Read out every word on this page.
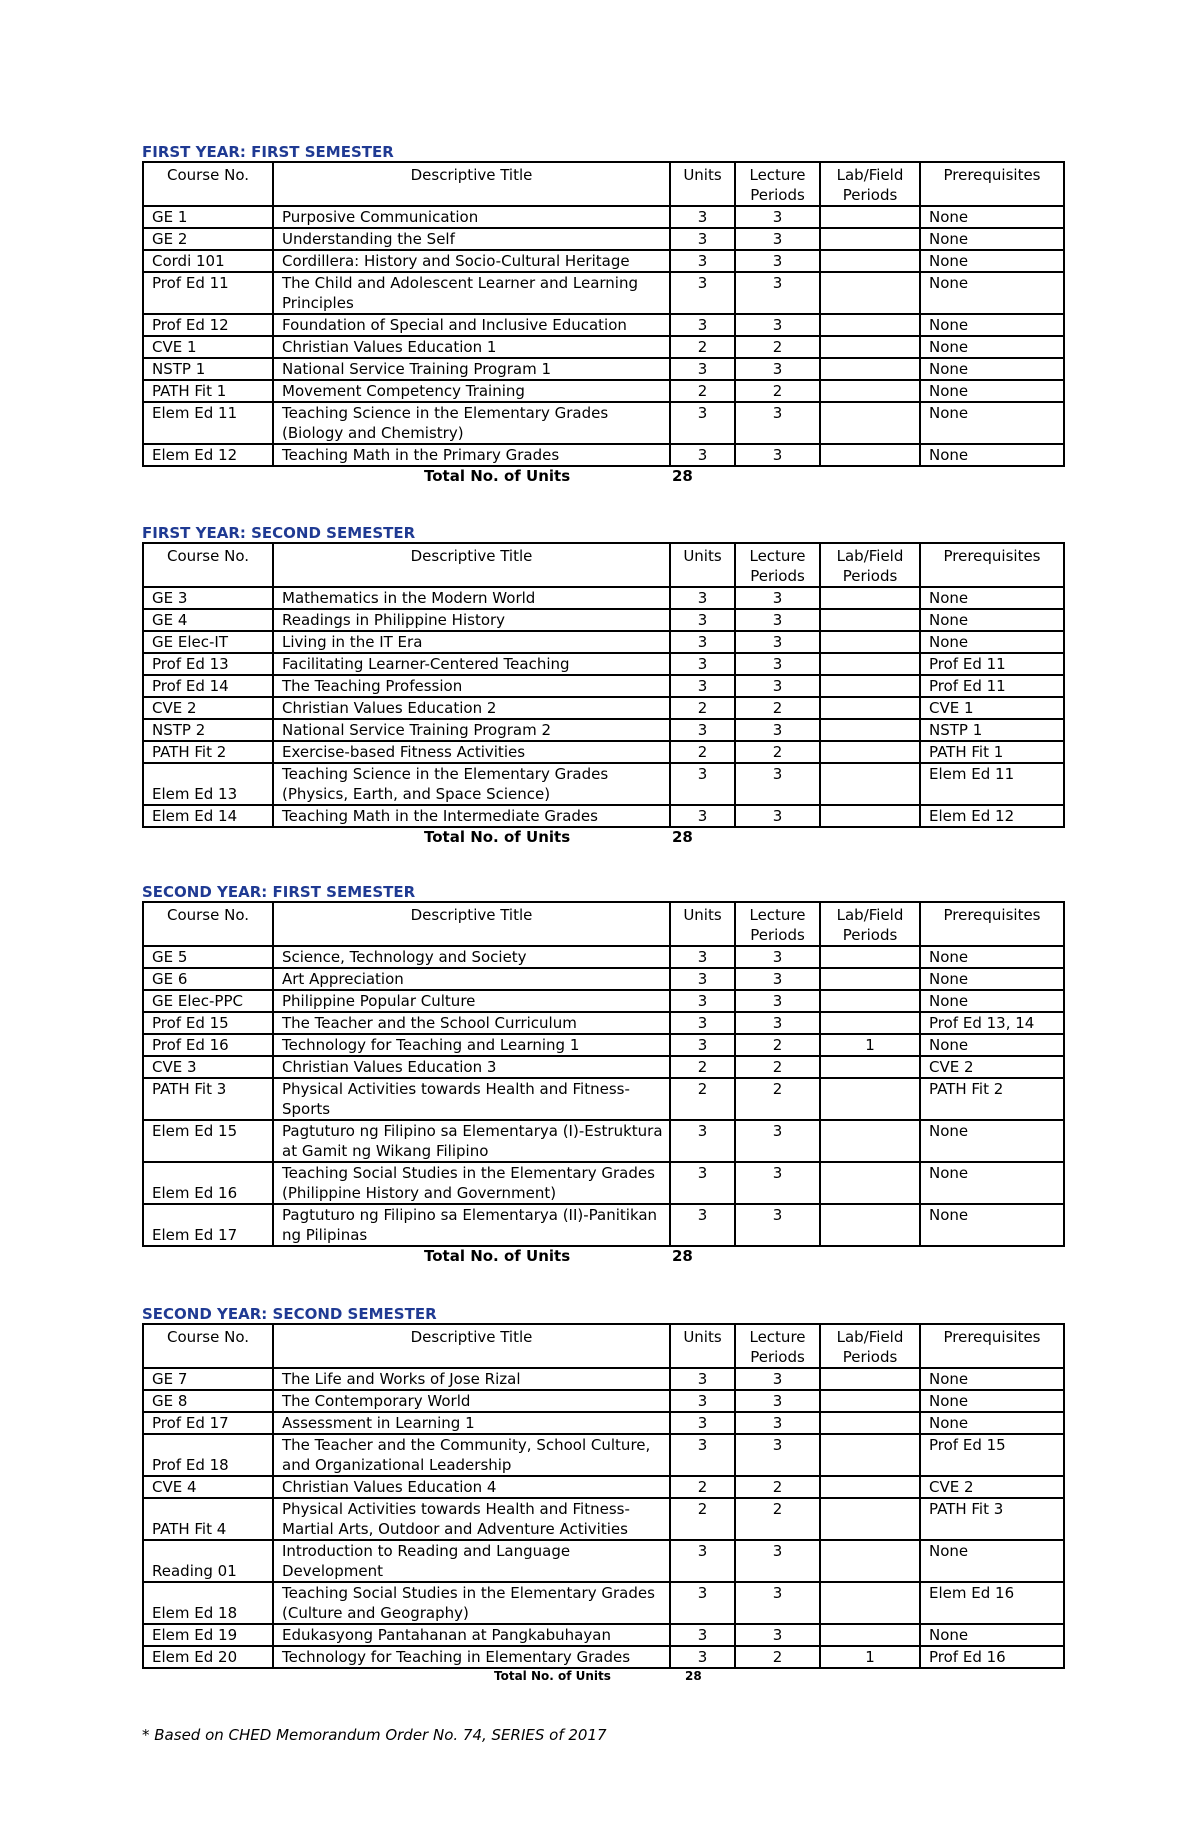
FIRST YEAR: FIRST SEMESTER
Course No.	Descriptive Title	Units	Lecture Periods	Lab/Field Periods	Prerequisites
GE 1	Purposive Communication	3	3		None
GE 2	Understanding the Self	3	3		None
Cordi 101	Cordillera: History and Socio-Cultural Heritage	3	3		None
Prof Ed 11	The Child and Adolescent Learner and Learning Principles	3	3		None
Prof Ed 12	Foundation of Special and Inclusive Education	3	3		None
CVE 1	Christian Values Education 1	2	2		None
NSTP 1	National Service Training Program 1	3	3		None
PATH Fit 1	Movement Competency Training	2	2		None
Elem Ed 11	Teaching Science in the Elementary Grades (Biology and Chemistry)	3	3		None
Elem Ed 12	Teaching Math in the Primary Grades	3	3		None
Total No. of Units	28
FIRST YEAR: SECOND SEMESTER
Course No.	Descriptive Title	Units	Lecture Periods	Lab/Field Periods	Prerequisites
GE 3	Mathematics in the Modern World	3	3		None
GE 4	Readings in Philippine History	3	3		None
GE Elec-IT	Living in the IT Era	3	3		None
Prof Ed 13	Facilitating Learner-Centered Teaching	3	3		Prof Ed 11
Prof Ed 14	The Teaching Profession	3	3		Prof Ed 11
CVE 2	Christian Values Education 2	2	2		CVE 1
NSTP 2	National Service Training Program 2	3	3		NSTP 1
PATH Fit 2	Exercise-based Fitness Activities	2	2		PATH Fit 1
Elem Ed 13	Teaching Science in the Elementary Grades (Physics, Earth, and Space Science)	3	3		Elem Ed 11
Elem Ed 14	Teaching Math in the Intermediate Grades	3	3		Elem Ed 12
Total No. of Units	28
SECOND YEAR: FIRST SEMESTER
Course No.	Descriptive Title	Units	Lecture Periods	Lab/Field Periods	Prerequisites
GE 5	Science, Technology and Society	3	3		None
GE 6	Art Appreciation	3	3		None
GE Elec-PPC	Philippine Popular Culture	3	3		None
Prof Ed 15	The Teacher and the School Curriculum	3	3		Prof Ed 13, 14
Prof Ed 16	Technology for Teaching and Learning 1	3	2	1	None
CVE 3	Christian Values Education 3	2	2		CVE 2
PATH Fit 3	Physical Activities towards Health and Fitness-Sports	2	2		PATH Fit 2
Elem Ed 15	Pagtuturo ng Filipino sa Elementarya (I)-Estruktura at Gamit ng Wikang Filipino	3	3		None
Elem Ed 16	Teaching Social Studies in the Elementary Grades (Philippine History and Government)	3	3		None
Elem Ed 17	Pagtuturo ng Filipino sa Elementarya (II)-Panitikan ng Pilipinas	3	3		None
Total No. of Units	28
SECOND YEAR: SECOND SEMESTER
Course No.	Descriptive Title	Units	Lecture Periods	Lab/Field Periods	Prerequisites
GE 7	The Life and Works of Jose Rizal	3	3		None
GE 8	The Contemporary World	3	3		None
Prof Ed 17	Assessment in Learning 1	3	3		None
Prof Ed 18	The Teacher and the Community, School Culture, and Organizational Leadership	3	3		Prof Ed 15
CVE 4	Christian Values Education 4	2	2		CVE 2
PATH Fit 4	Physical Activities towards Health and Fitness-Martial Arts, Outdoor and Adventure Activities	2	2		PATH Fit 3
Reading 01	Introduction to Reading and Language Development	3	3		None
Elem Ed 18	Teaching Social Studies in the Elementary Grades (Culture and Geography)	3	3		Elem Ed 16
Elem Ed 19	Edukasyong Pantahanan at Pangkabuhayan	3	3		None
Elem Ed 20	Technology for Teaching in Elementary Grades	3	2	1	Prof Ed 16
Total No. of Units	28
* Based on CHED Memorandum Order No. 74, SERIES of 2017
